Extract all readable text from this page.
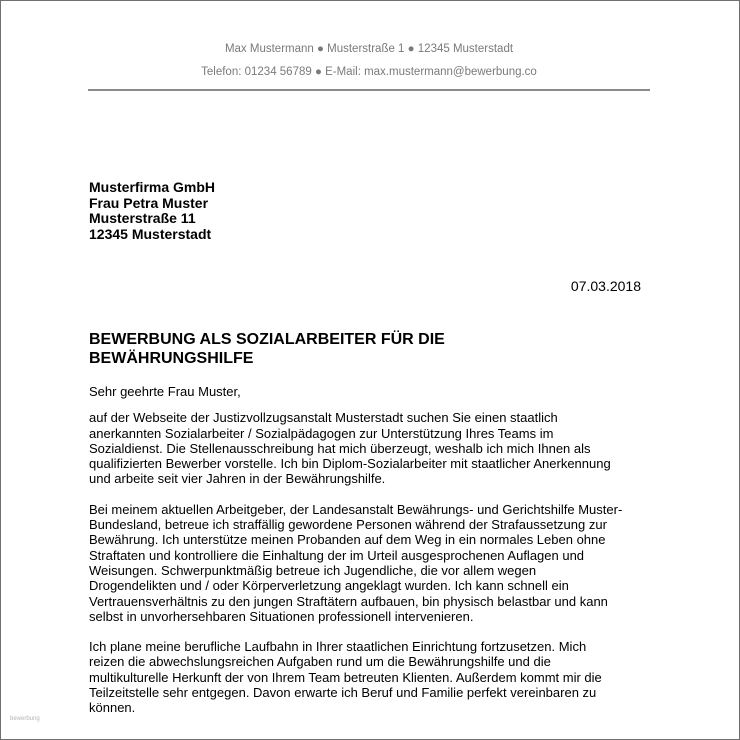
Max Mustermann ● Musterstraße 1 ● 12345 Musterstadt
Telefon: 01234 56789 ● E-Mail: max.mustermann@bewerbung.co
Musterfirma GmbH
Frau Petra Muster
Musterstraße 11
12345 Musterstadt
07.03.2018
BEWERBUNG ALS SOZIALARBEITER FÜR DIE
BEWÄHRUNGSHILFE

Sehr geehrte Frau Muster,

auf der Webseite der Justizvollzugsanstalt Musterstadt suchen Sie einen staatlich
anerkannten Sozialarbeiter / Sozialpädagogen zur Unterstützung Ihres Teams im
Sozialdienst. Die Stellenausschreibung hat mich überzeugt, weshalb ich mich Ihnen als
qualifizierten Bewerber vorstelle. Ich bin Diplom-Sozialarbeiter mit staatlicher Anerkennung
und arbeite seit vier Jahren in der Bewährungshilfe.

Bei meinem aktuellen Arbeitgeber, der Landesanstalt Bewährungs- und Gerichtshilfe Muster-
Bundesland, betreue ich straffällig gewordene Personen während der Strafaussetzung zur
Bewährung. Ich unterstütze meinen Probanden auf dem Weg in ein normales Leben ohne
Straftaten und kontrolliere die Einhaltung der im Urteil ausgesprochenen Auflagen und
Weisungen. Schwerpunktmäßig betreue ich Jugendliche, die vor allem wegen
Drogendelikten und / oder Körperverletzung angeklagt wurden. Ich kann schnell ein
Vertrauensverhältnis zu den jungen Straftätern aufbauen, bin physisch belastbar und kann
selbst in unvorhersehbaren Situationen professionell intervenieren.

Ich plane meine berufliche Laufbahn in Ihrer staatlichen Einrichtung fortzusetzen. Mich
reizen die abwechslungsreichen Aufgaben rund um die Bewährungshilfe und die
multikulturelle Herkunft der von Ihrem Team betreuten Klienten. Außerdem kommt mir die
Teilzeitstelle sehr entgegen. Davon erwarte ich Beruf und Familie perfekt vereinbaren zu
können.

bewerbung
